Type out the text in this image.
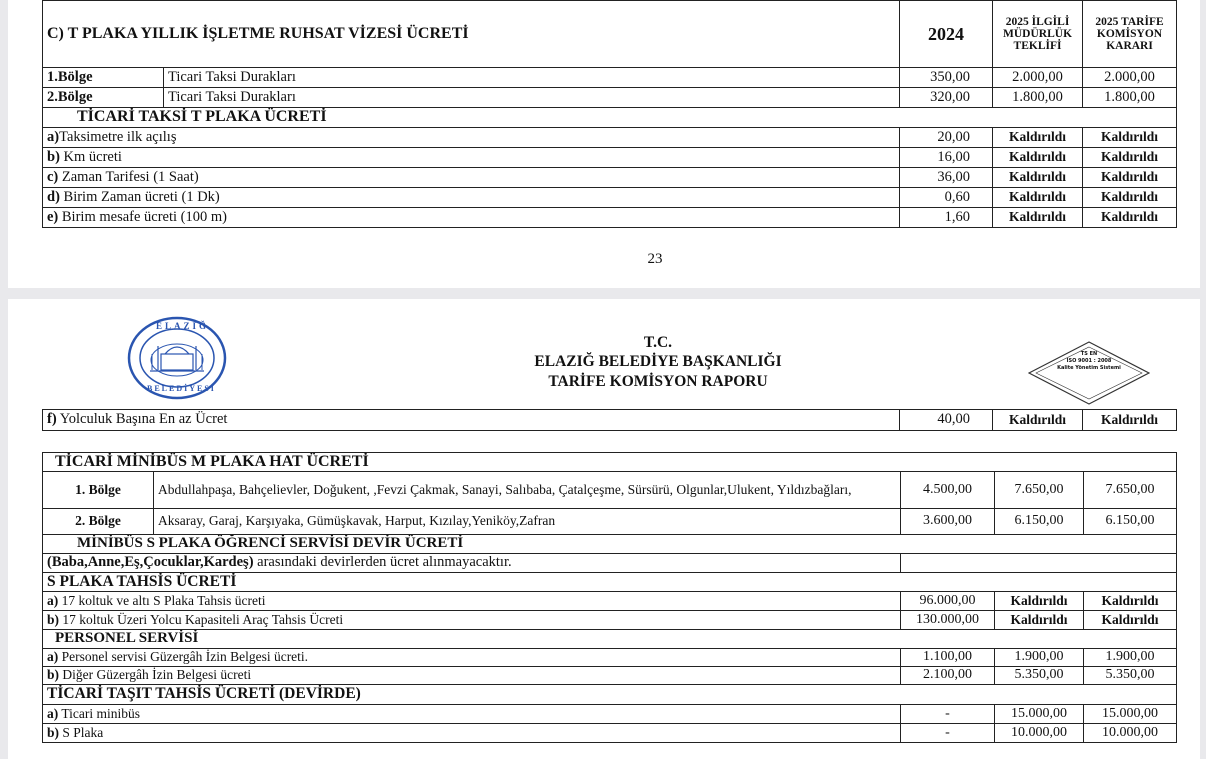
C) T PLAKA YILLIK İŞLETME RUHSAT VİZESİ ÜCRETİ		2024	2025 İLGİLİ MÜDÜRLÜK TEKLİFİ	2025 TARİFE KOMİSYON KARARI
1.Bölge	Ticari Taksi Durakları	350,00	2.000,00	2.000,00
2.Bölge	Ticari Taksi Durakları	320,00	1.800,00	1.800,00
TİCARİ TAKSİ T PLAKA ÜCRETİ				
a)Taksimetre ilk açılış		20,00	Kaldırıldı	Kaldırıldı
b) Km ücreti		16,00	Kaldırıldı	Kaldırıldı
c) Zaman Tarifesi (1 Saat)		36,00	Kaldırıldı	Kaldırıldı
d) Birim Zaman ücreti (1 Dk)		0,60	Kaldırıldı	Kaldırıldı
e) Birim mesafe ücreti (100 m)		1,60	Kaldırıldı	Kaldırıldı
23
ELAZIĞ
BELEDİYESİ
T.C.
ELAZIĞ BELEDİYE BAŞKANLIĞI
TARİFE KOMİSYON RAPORU
TS EN
ISO 9001 : 2008
Kalite Yönetim Sistemi
f) Yolculuk Başına En az Ücret	40,00	Kaldırıldı	Kaldırıldı
TİCARİ MİNİBÜS M PLAKA HAT ÜCRETİ				
1. Bölge	Abdullahpaşa, Bahçelievler, Doğukent, ,Fevzi Çakmak, Sanayi, Salıbaba, Çatalçeşme, Sürsürü, Olgunlar,Ulukent, Yıldızbağları,	4.500,00	7.650,00	7.650,00
2. Bölge	Aksaray, Garaj, Karşıyaka, Gümüşkavak, Harput, Kızılay,Yeniköy,Zafran	3.600,00	6.150,00	6.150,00
MİNİBÜS S PLAKA ÖĞRENCİ SERVİSİ DEVİR ÜCRETİ				
(Baba,Anne,Eş,Çocuklar,Kardeş) arasındaki devirlerden ücret alınmayacaktır.				
S PLAKA TAHSİS ÜCRETİ				
a) 17 koltuk ve altı S Plaka Tahsis ücreti		96.000,00	Kaldırıldı	Kaldırıldı
b) 17 koltuk Üzeri Yolcu Kapasiteli Araç Tahsis Ücreti		130.000,00	Kaldırıldı	Kaldırıldı
PERSONEL SERVİSİ				
a) Personel servisi Güzergâh İzin Belgesi ücreti.		1.100,00	1.900,00	1.900,00
b) Diğer Güzergâh İzin Belgesi ücreti		2.100,00	5.350,00	5.350,00
TİCARİ TAŞIT TAHSİS ÜCRETİ (DEVİRDE)				
a) Ticari minibüs		-	15.000,00	15.000,00
b) S Plaka		-	10.000,00	10.000,00
